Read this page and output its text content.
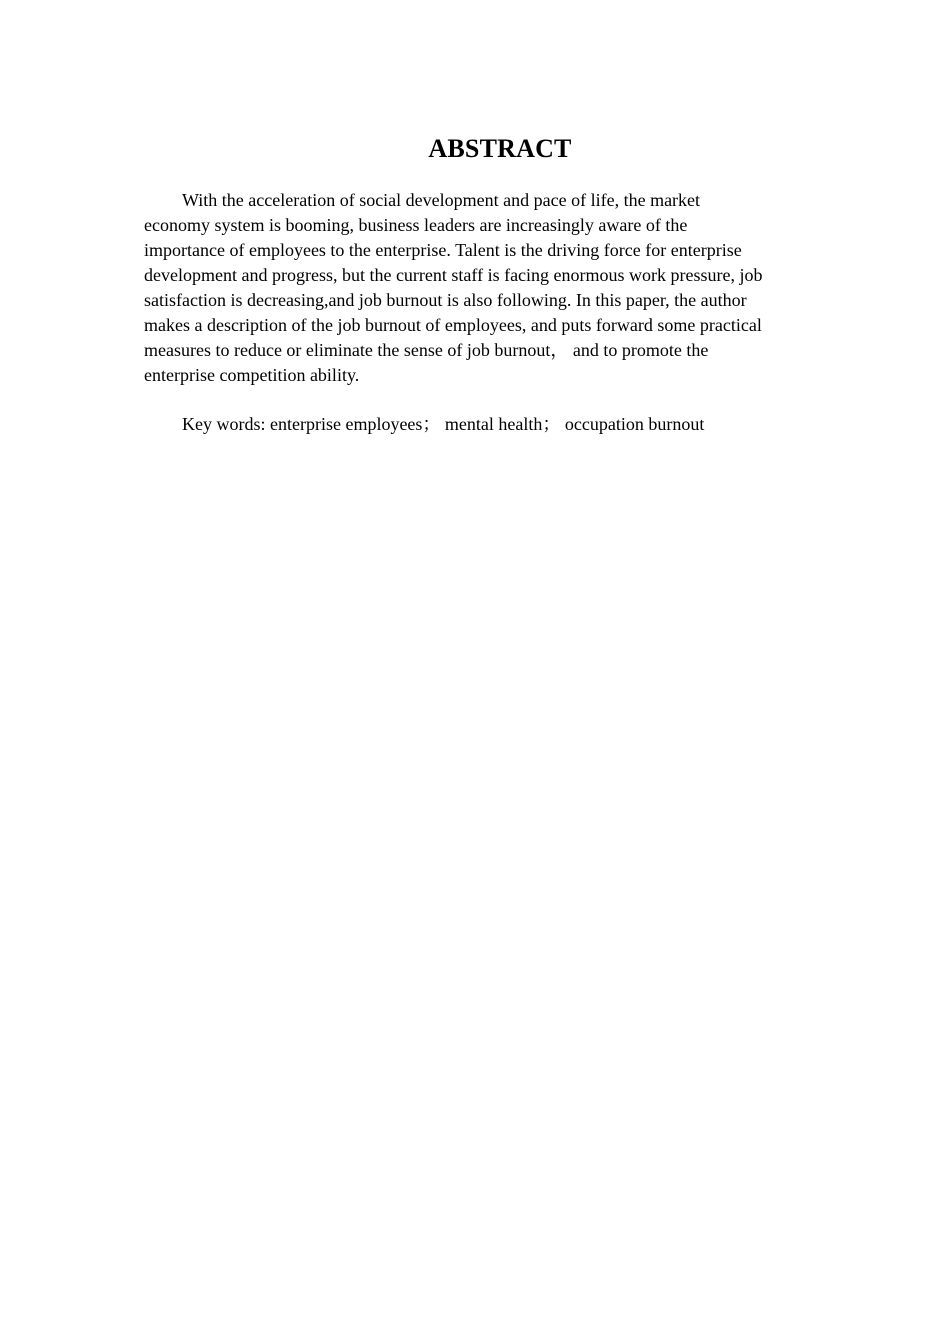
ABSTRACT

With the acceleration of social development and pace of life, the market
economy system is booming, business leaders are increasingly aware of the
importance of employees to the enterprise. Talent is the driving force for enterprise
development and progress, but the current staff is facing enormous work pressure, job
satisfaction is decreasing,and job burnout is also following. In this paper, the author
makes a description of the job burnout of employees, and puts forward some practical
measures to reduce or eliminate the sense of job burnout， and to promote the
enterprise competition ability.

Key words: enterprise employees； mental health； occupation burnout
